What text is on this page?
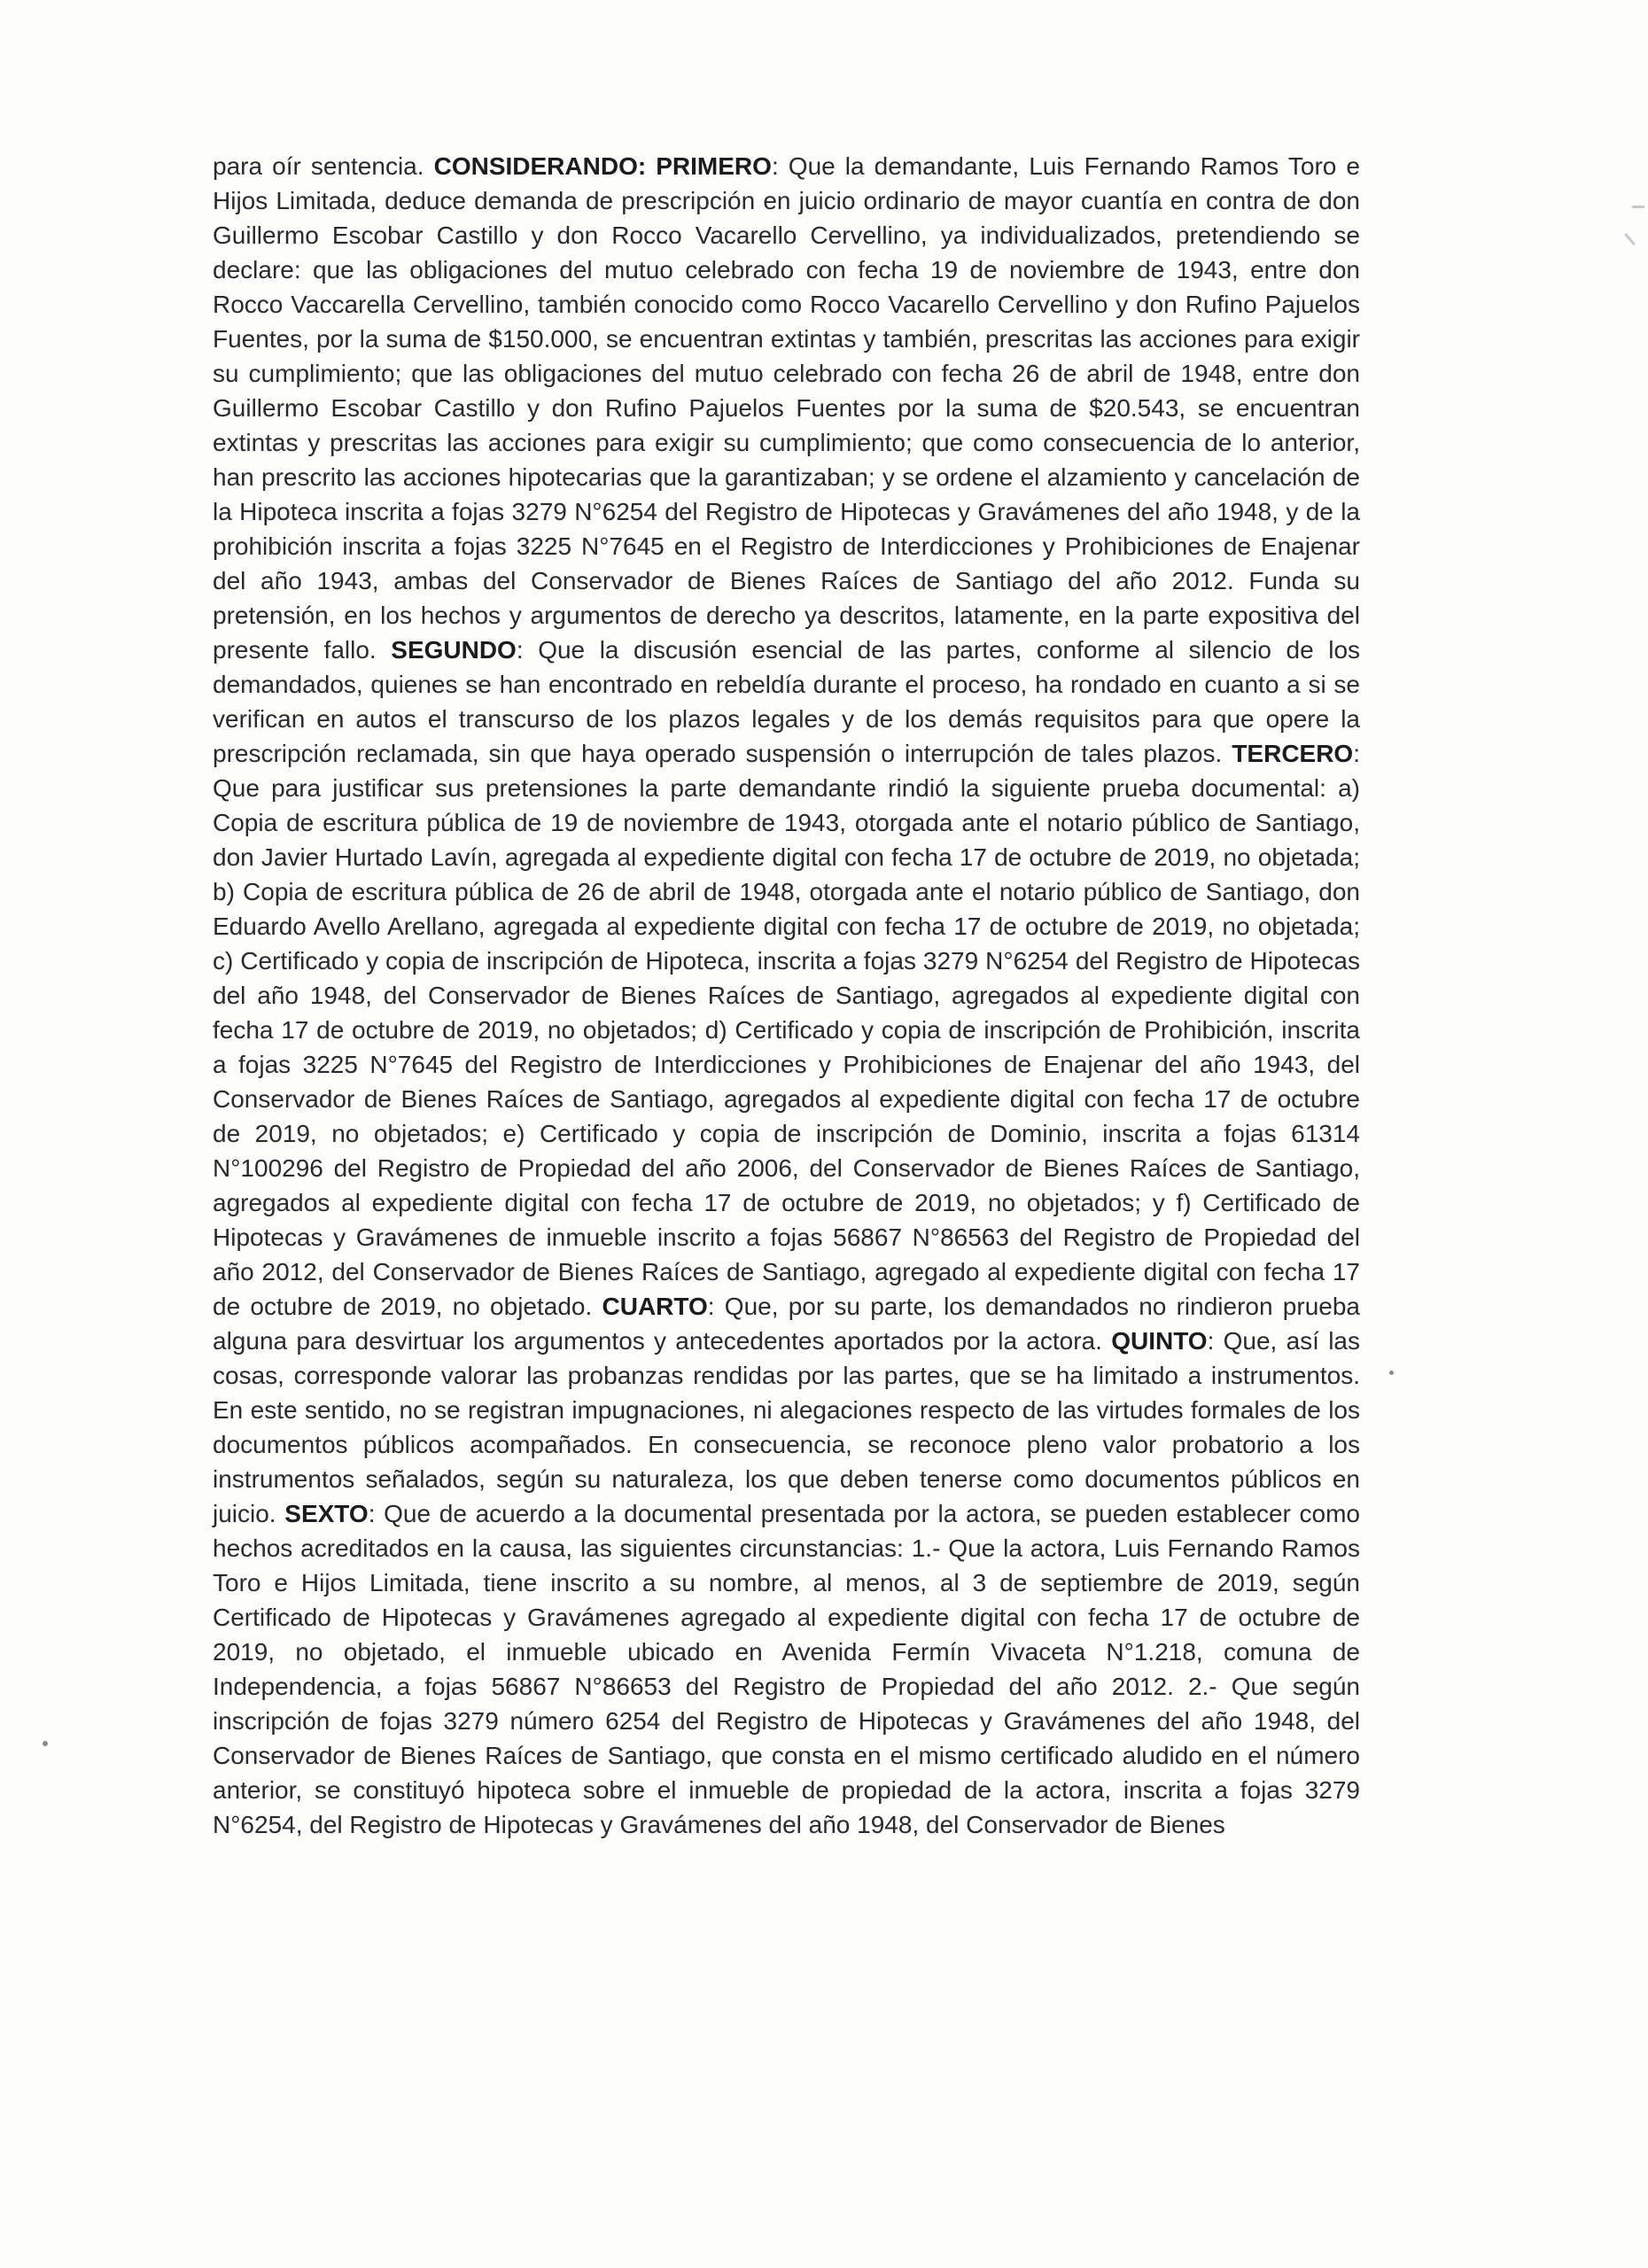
para oír sentencia. CONSIDERANDO: PRIMERO: Que la demandante, Luis Fernando Ramos Toro e Hijos Limitada, deduce demanda de prescripción en juicio ordinario de mayor cuantía en contra de don Guillermo Escobar Castillo y don Rocco Vacarello Cervellino, ya individualizados, pretendiendo se declare: que las obligaciones del mutuo celebrado con fecha 19 de noviembre de 1943, entre don Rocco Vaccarella Cervellino, también conocido como Rocco Vacarello Cervellino y don Rufino Pajuelos Fuentes, por la suma de $150.000, se encuentran extintas y también, prescritas las acciones para exigir su cumplimiento; que las obligaciones del mutuo celebrado con fecha 26 de abril de 1948, entre don Guillermo Escobar Castillo y don Rufino Pajuelos Fuentes por la suma de $20.543, se encuentran extintas y prescritas las acciones para exigir su cumplimiento; que como consecuencia de lo anterior, han prescrito las acciones hipotecarias que la garantizaban; y se ordene el alzamiento y cancelación de la Hipoteca inscrita a fojas 3279 N°6254 del Registro de Hipotecas y Gravámenes del año 1948, y de la prohibición inscrita a fojas 3225 N°7645 en el Registro de Interdicciones y Prohibiciones de Enajenar del año 1943, ambas del Conservador de Bienes Raíces de Santiago del año 2012. Funda su pretensión, en los hechos y argumentos de derecho ya descritos, latamente, en la parte expositiva del presente fallo. SEGUNDO: Que la discusión esencial de las partes, conforme al silencio de los demandados, quienes se han encontrado en rebeldía durante el proceso, ha rondado en cuanto a si se verifican en autos el transcurso de los plazos legales y de los demás requisitos para que opere la prescripción reclamada, sin que haya operado suspensión o interrupción de tales plazos. TERCERO: Que para justificar sus pretensiones la parte demandante rindió la siguiente prueba documental: a) Copia de escritura pública de 19 de noviembre de 1943, otorgada ante el notario público de Santiago, don Javier Hurtado Lavín, agregada al expediente digital con fecha 17 de octubre de 2019, no objetada; b) Copia de escritura pública de 26 de abril de 1948, otorgada ante el notario público de Santiago, don Eduardo Avello Arellano, agregada al expediente digital con fecha 17 de octubre de 2019, no objetada; c) Certificado y copia de inscripción de Hipoteca, inscrita a fojas 3279 N°6254 del Registro de Hipotecas del año 1948, del Conservador de Bienes Raíces de Santiago, agregados al expediente digital con fecha 17 de octubre de 2019, no objetados; d) Certificado y copia de inscripción de Prohibición, inscrita a fojas 3225 N°7645 del Registro de Interdicciones y Prohibiciones de Enajenar del año 1943, del Conservador de Bienes Raíces de Santiago, agregados al expediente digital con fecha 17 de octubre de 2019, no objetados; e) Certificado y copia de inscripción de Dominio, inscrita a fojas 61314 N°100296 del Registro de Propiedad del año 2006, del Conservador de Bienes Raíces de Santiago, agregados al expediente digital con fecha 17 de octubre de 2019, no objetados; y f) Certificado de Hipotecas y Gravámenes de inmueble inscrito a fojas 56867 N°86563 del Registro de Propiedad del año 2012, del Conservador de Bienes Raíces de Santiago, agregado al expediente digital con fecha 17 de octubre de 2019, no objetado. CUARTO: Que, por su parte, los demandados no rindieron prueba alguna para desvirtuar los argumentos y antecedentes aportados por la actora. QUINTO: Que, así las cosas, corresponde valorar las probanzas rendidas por las partes, que se ha limitado a instrumentos. En este sentido, no se registran impugnaciones, ni alegaciones respecto de las virtudes formales de los documentos públicos acompañados. En consecuencia, se reconoce pleno valor probatorio a los instrumentos señalados, según su naturaleza, los que deben tenerse como documentos públicos en juicio. SEXTO: Que de acuerdo a la documental presentada por la actora, se pueden establecer como hechos acreditados en la causa, las siguientes circunstancias: 1.- Que la actora, Luis Fernando Ramos Toro e Hijos Limitada, tiene inscrito a su nombre, al menos, al 3 de septiembre de 2019, según Certificado de Hipotecas y Gravámenes agregado al expediente digital con fecha 17 de octubre de 2019, no objetado, el inmueble ubicado en Avenida Fermín Vivaceta N°1.218, comuna de Independencia, a fojas 56867 N°86653 del Registro de Propiedad del año 2012. 2.- Que según inscripción de fojas 3279 número 6254 del Registro de Hipotecas y Gravámenes del año 1948, del Conservador de Bienes Raíces de Santiago, que consta en el mismo certificado aludido en el número anterior, se constituyó hipoteca sobre el inmueble de propiedad de la actora, inscrita a fojas 3279 N°6254, del Registro de Hipotecas y Gravámenes del año 1948, del Conservador de Bienes
